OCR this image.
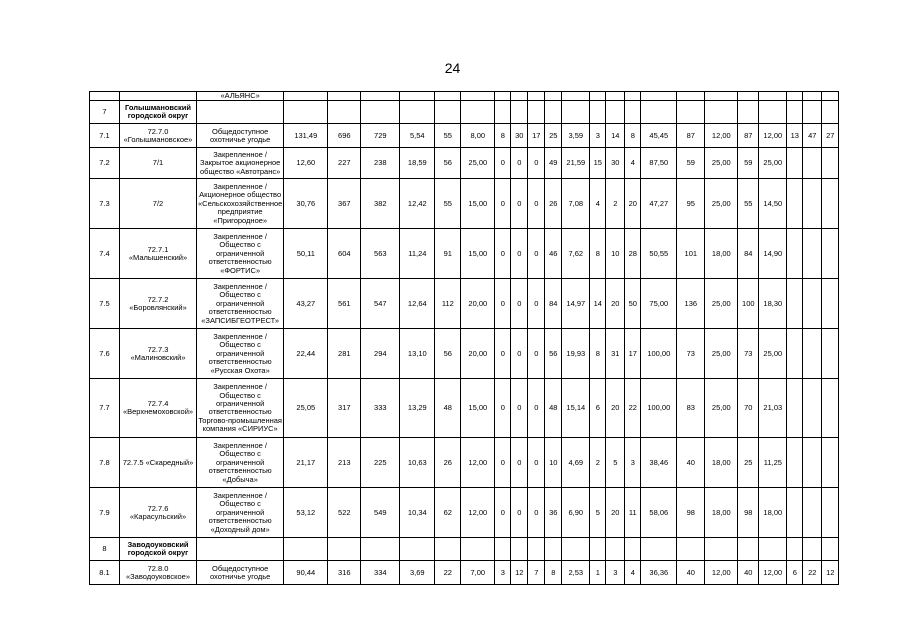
24
		«АЛЬЯНС»																						
7	Голышмановский городской округ																							
7.1	72.7.0 «Голышмановское»	Общедоступное охотничье угодье	131,49	696	729	5,54	55	8,00	8	30	17	25	3,59	3	14	8	45,45	87	12,00	87	12,00	13	47	27
7.2	7/1	Закрепленное / Закрытое акционерное общество «Автотранс»	12,60	227	238	18,59	56	25,00	0	0	0	49	21,59	15	30	4	87,50	59	25,00	59	25,00			
7.3	7/2	Закрепленное / Акционерное общество «Сельскохозяйственное предприятие «Пригородное»	30,76	367	382	12,42	55	15,00	0	0	0	26	7,08	4	2	20	47,27	95	25,00	55	14,50			
7.4	72.7.1 «Малышенский»	Закрепленное / Общество с ограниченной ответственностью «ФОРТИС»	50,11	604	563	11,24	91	15,00	0	0	0	46	7,62	8	10	28	50,55	101	18,00	84	14,90			
7.5	72.7.2 «Боровлянский»	Закрепленное / Общество с ограниченной ответственностью «ЗАПСИБГЕОТРЕСТ»	43,27	561	547	12,64	112	20,00	0	0	0	84	14,97	14	20	50	75,00	136	25,00	100	18,30			
7.6	72.7.3 «Малиновский»	Закрепленное / Общество с ограниченной ответственностью «Русская Охота»	22,44	281	294	13,10	56	20,00	0	0	0	56	19,93	8	31	17	100,00	73	25,00	73	25,00			
7.7	72.7.4 «Верхнемоховской»	Закрепленное / Общество с ограниченной ответственностью Торгово-промышленная компания «СИРИУС»	25,05	317	333	13,29	48	15,00	0	0	0	48	15,14	6	20	22	100,00	83	25,00	70	21,03			
7.8	72.7.5 «Скаредный»	Закрепленное / Общество с ограниченной ответственностью «Добыча»	21,17	213	225	10,63	26	12,00	0	0	0	10	4,69	2	5	3	38,46	40	18,00	25	11,25			
7.9	72.7.6 «Карасульский»	Закрепленное / Общество с ограниченной ответственностью «Доходный дом»	53,12	522	549	10,34	62	12,00	0	0	0	36	6,90	5	20	11	58,06	98	18,00	98	18,00			
8	Заводоуковский городской округ																							
8.1	72.8.0 «Заводоуковское»	Общедоступное охотничье угодье	90,44	316	334	3,69	22	7,00	3	12	7	8	2,53	1	3	4	36,36	40	12,00	40	12,00	6	22	12
